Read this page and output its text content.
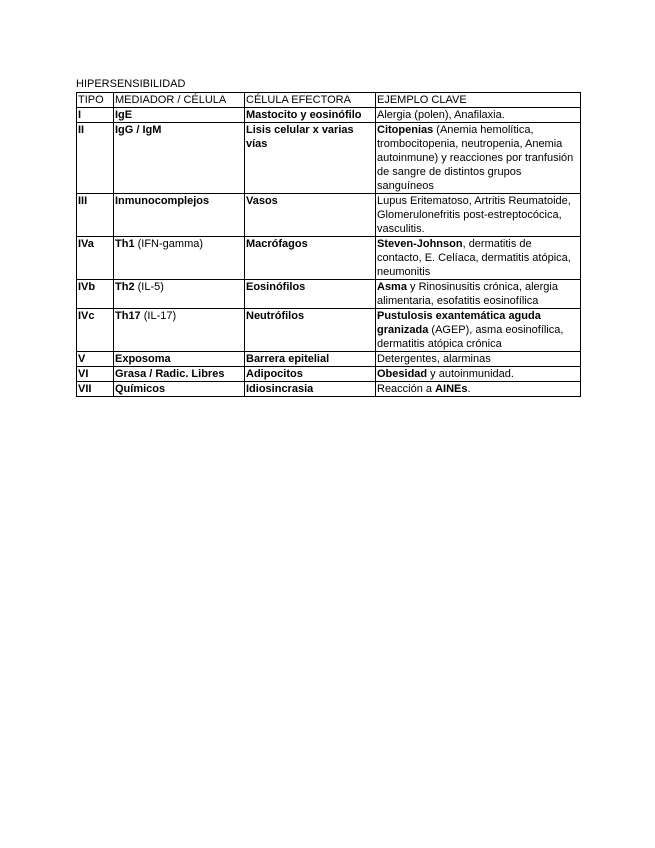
HIPERSENSIBILIDAD
TIPO	MEDIADOR / CÉLULA	CÉLULA EFECTORA	EJEMPLO CLAVE
I	IgE	Mastocito y eosinófilo	Alergia (polen), Anafilaxia.
II	IgG / IgM	Lisis celular x varias vías	Citopenias (Anemia hemolítica, trombocitopenia, neutropenia, Anemia autoinmune) y reacciones por tranfusión de sangre de distintos grupos sanguíneos
III	Inmunocomplejos	Vasos	Lupus Eritematoso, Artritis Reumatoide, Glomerulonefritis post-estreptocócica, vasculitis.
IVa	Th1 (IFN-gamma)	Macrófagos	Steven-Johnson, dermatitis de contacto, E. Celíaca, dermatitis atópica, neumonitis
IVb	Th2 (IL-5)	Eosinófilos	Asma y Rinosinusitis crónica, alergia alimentaria, esofatitis eosinofílica
IVc	Th17 (IL-17)	Neutrófilos	Pustulosis exantemática aguda granizada (AGEP), asma eosinofílica, dermatitis atópica crónica
V	Exposoma	Barrera epitelial	Detergentes, alarminas
VI	Grasa / Radic. Libres	Adipocitos	Obesidad y autoinmunidad.
VII	Químicos	Idiosincrasia	Reacción a AINEs.
